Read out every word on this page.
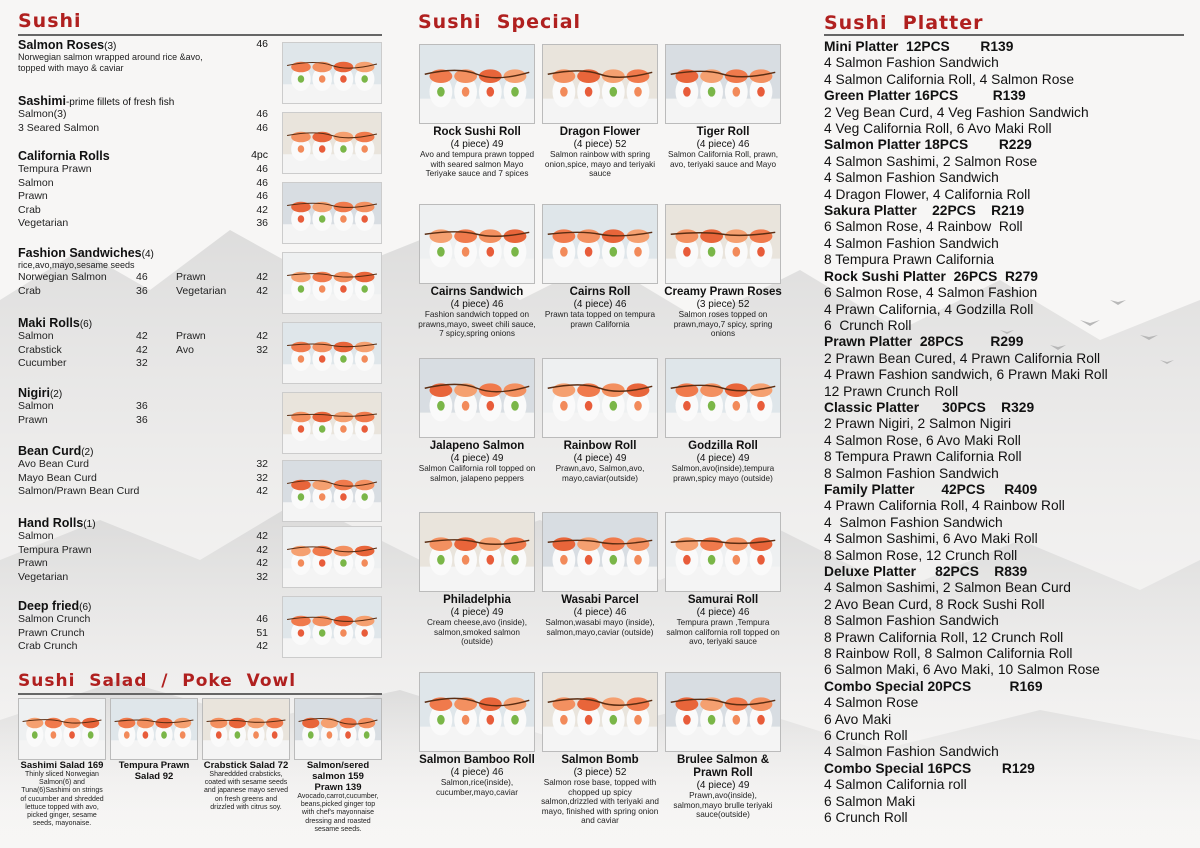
Sushi
Salmon Roses(3)	46
Norwegian salmon wrapped around rice &avo,
topped with mayo & caviar
Sashimi-prime fillets of fresh fish
Salmon(3)	46
3 Seared Salmon	46
California Rolls	4pc
Tempura Prawn	46
Salmon	46
Prawn	46
Crab	42
Vegetarian	36
Fashion Sandwiches(4)
rice,avo,mayo,sesame seeds
Norwegian Salmon	46	Prawn	42
Crab	36	Vegetarian	42
Maki Rolls(6)
Salmon	42	Prawn	42
Crabstick	42	Avo	32
Cucumber	32
Nigiri(2)
Salmon	36
Prawn	36
Bean Curd(2)
Avo Bean Curd	32
Mayo Bean Curd	32
Salmon/Prawn Bean Curd	42
Hand Rolls(1)
Salmon	42
Tempura Prawn	42
Prawn	42
Vegetarian	32
Deep fried(6)
Salmon Crunch	46
Prawn Crunch	51
Crab Crunch	42
Sushi  Salad  /  Poke  Vowl
Sashimi Salad 169
Thinly sliced Norwegian Salmon(6) and Tuna(6)Sashimi on strings of cucumber and shredded lettuce topped with avo, picked ginger, sesame seeds, mayonaise.
Tempura Prawn Salad 92
Crabstick Salad 72
Shareddded crabsticks, coated with sesame seeds and japanese mayo served on fresh greens and drizzled with citrus soy.
Salmon/sered salmon 159
Prawn 139
Avocado,carrot,cucumber, beans,picked ginger top with chef's mayonnaise dressing and roasted sesame seeds.
Sushi  Special
Rock Sushi Roll
(4 piece) 49
Avo and tempura prawn topped with seared salmon Mayo Teriyake sauce and 7 spices
Dragon Flower
(4 piece) 52
Salmon rainbow with spring onion,spice, mayo and teriyaki sauce
Tiger Roll
(4 piece) 46
Salmon California Roll, prawn, avo, teriyaki sauce and Mayo
Cairns Sandwich
(4 piece) 46
Fashion sandwich topped on prawns,mayo, sweet chili sauce, 7 spicy,spring onions
Cairns Roll
(4 piece) 46
Prawn tata topped on tempura prawn California
Creamy Prawn Roses
(3 piece) 52
Salmon roses topped on prawn,mayo,7 spicy, spring onions
Jalapeno Salmon
(4 piece) 49
Salmon California roll topped on salmon, jalapeno peppers
Rainbow Roll
(4 piece) 49
Prawn,avo, Salmon,avo, mayo,caviar(outside)
Godzilla Roll
(4 piece) 49
Salmon,avo(inside),tempura prawn,spicy mayo (outside)
Philadelphia
(4 piece) 49
Cream cheese,avo (inside), salmon,smoked salmon (outside)
Wasabi Parcel
(4 piece) 46
Salmon,wasabi mayo (inside), salmon,mayo,caviar (outside)
Samurai Roll
(4 piece) 46
Tempura prawn ,Tempura salmon california roll topped on avo, teriyaki sauce
Salmon Bamboo Roll
(4 piece) 46
Salmon,rice(inside), cucumber,mayo,caviar
Salmon Bomb
(3 piece) 52
Salmon rose base, topped with chopped up spicy salmon,drizzled with teriyaki and mayo, finished with spring onion and caviar
Brulee Salmon & Prawn Roll
(4 piece) 49
Prawn,avo(inside), salmon,mayo brulle teriyaki sauce(outside)
Sushi  Platter
Mini Platter  12PCS        R139
4 Salmon Fashion Sandwich
4 Salmon California Roll, 4 Salmon Rose
Green Platter 16PCS         R139
2 Veg Bean Curd, 4 Veg Fashion Sandwich
4 Veg California Roll, 6 Avo Maki Roll
Salmon Platter 18PCS        R229
4 Salmon Sashimi, 2 Salmon Rose
4 Salmon Fashion Sandwich
4 Dragon Flower, 4 California Roll
Sakura Platter    22PCS    R219
6 Salmon Rose, 4 Rainbow  Roll
4 Salmon Fashion Sandwich
8 Tempura Prawn California
Rock Sushi Platter  26PCS  R279
6 Salmon Rose, 4 Salmon Fashion
4 Prawn California, 4 Godzilla Roll
6  Crunch Roll
Prawn Platter  28PCS       R299
2 Prawn Bean Cured, 4 Prawn California Roll
4 Prawn Fashion sandwich, 6 Prawn Maki Roll
12 Prawn Crunch Roll
Classic Platter      30PCS    R329
2 Prawn Nigiri, 2 Salmon Nigiri
4 Salmon Rose, 6 Avo Maki Roll
8 Tempura Prawn California Roll
8 Salmon Fashion Sandwich
Family Platter       42PCS     R409
4 Prawn California Roll, 4 Rainbow Roll
4  Salmon Fashion Sandwich
4 Salmon Sashimi, 6 Avo Maki Roll
8 Salmon Rose, 12 Crunch Roll
Deluxe Platter     82PCS    R839
4 Salmon Sashimi, 2 Salmon Bean Curd
2 Avo Bean Curd, 8 Rock Sushi Roll
8 Salmon Fashion Sandwich
8 Prawn California Roll, 12 Crunch Roll
8 Rainbow Roll, 8 Salmon California Roll
6 Salmon Maki, 6 Avo Maki, 10 Salmon Rose
Combo Special 20PCS          R169
4 Salmon Rose
6 Avo Maki
6 Crunch Roll
4 Salmon Fashion Sandwich
Combo Special 16PCS        R129
4 Salmon California roll
6 Salmon Maki
6 Crunch Roll
